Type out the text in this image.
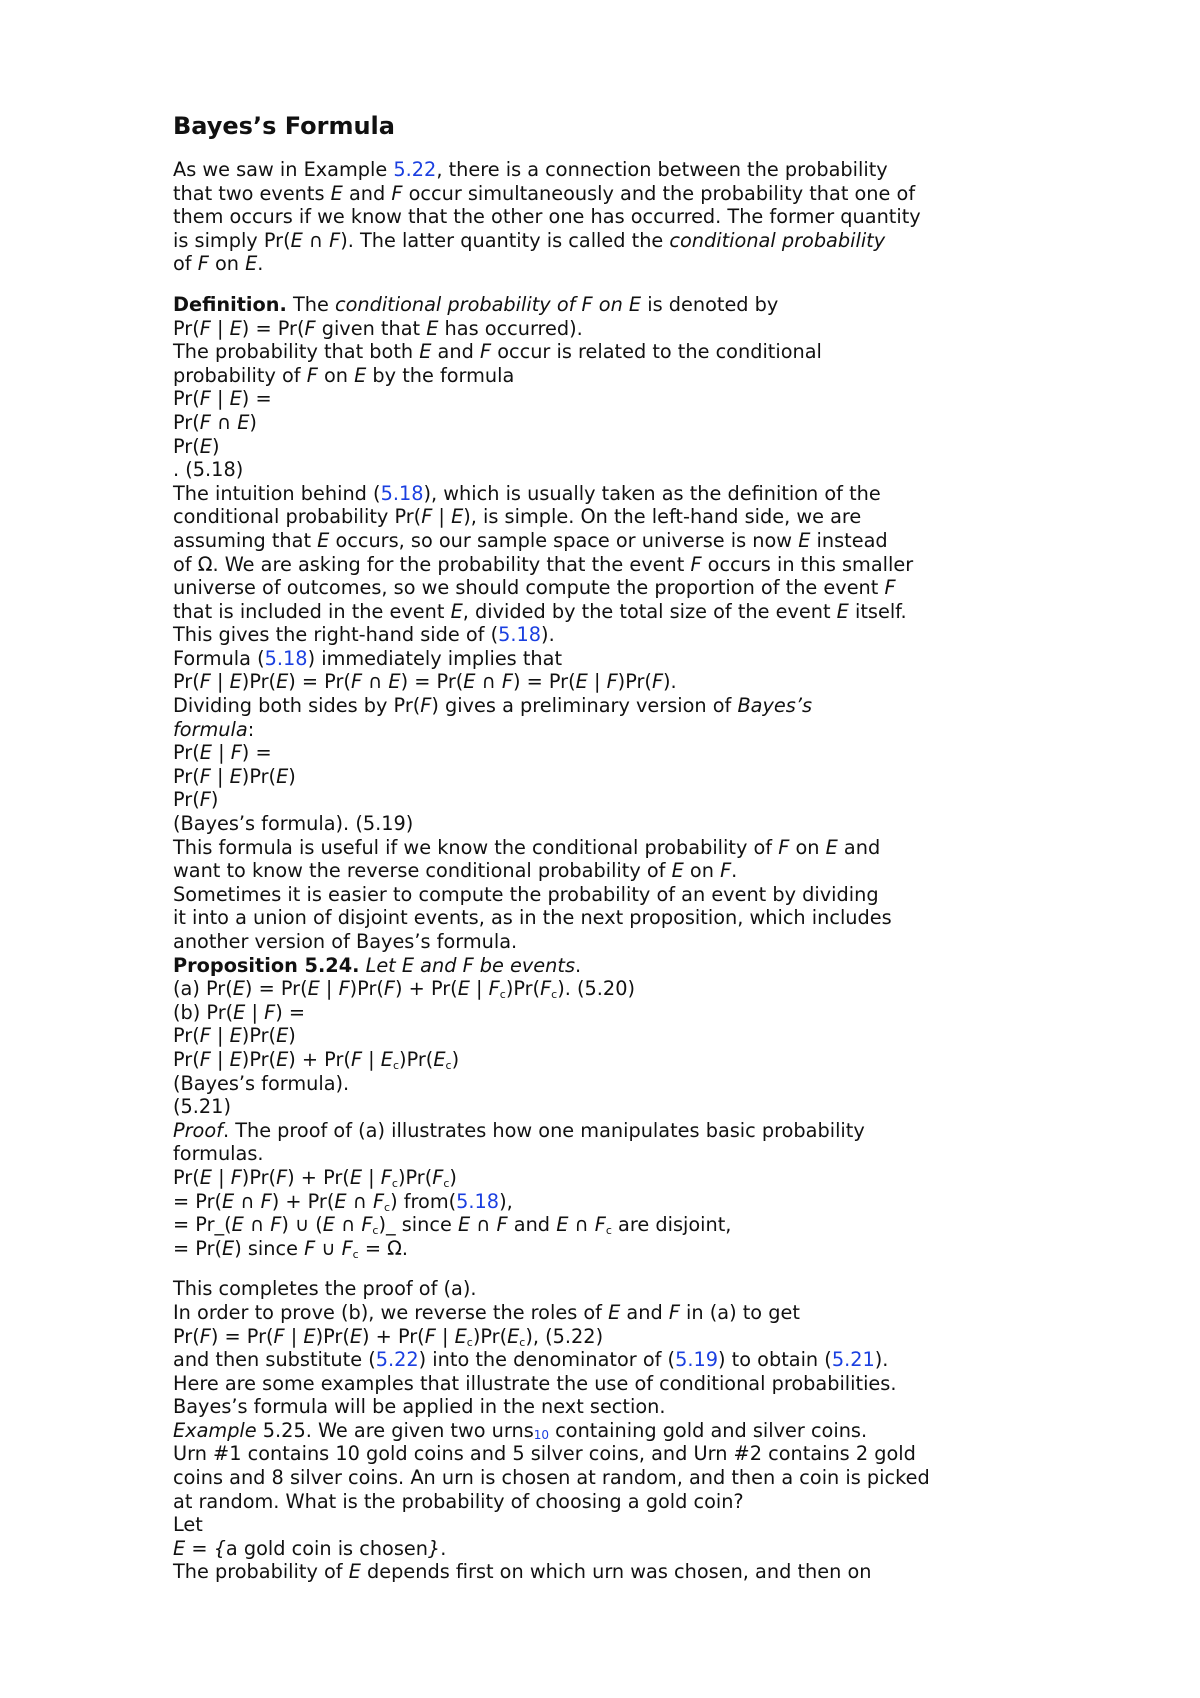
Bayes’s Formula
As we saw in Example 5.22, there is a connection between the probability
that two events E and F occur simultaneously and the probability that one of
them occurs if we know that the other one has occurred. The former quantity
is simply Pr(E ∩ F). The latter quantity is called the conditional probability
of F on E.
Definition. The conditional probability of F on E is denoted by
Pr(F | E) = Pr(F given that E has occurred).
The probability that both E and F occur is related to the conditional
probability of F on E by the formula
Pr(F | E) =
Pr(F ∩ E)
Pr(E)
. (5.18)
The intuition behind (5.18), which is usually taken as the definition of the
conditional probability Pr(F | E), is simple. On the left-hand side, we are
assuming that E occurs, so our sample space or universe is now E instead
of Ω. We are asking for the probability that the event F occurs in this smaller
universe of outcomes, so we should compute the proportion of the event F
that is included in the event E, divided by the total size of the event E itself.
This gives the right-hand side of (5.18).
Formula (5.18) immediately implies that
Pr(F | E)Pr(E) = Pr(F ∩ E) = Pr(E ∩ F) = Pr(E | F)Pr(F).
Dividing both sides by Pr(F) gives a preliminary version of Bayes’s
formula:
Pr(E | F) =
Pr(F | E)Pr(E)
Pr(F)
(Bayes’s formula). (5.19)
This formula is useful if we know the conditional probability of F on E and
want to know the reverse conditional probability of E on F.
Sometimes it is easier to compute the probability of an event by dividing
it into a union of disjoint events, as in the next proposition, which includes
another version of Bayes’s formula.
Proposition 5.24. Let E and F be events.
(a) Pr(E) = Pr(E | F)Pr(F) + Pr(E | $F_c)Pr(F_c)$. (5.20)
(b) Pr(E | F) =
Pr(F | E)Pr(E)
Pr(F | E)Pr(E) + Pr(F | $E_c)Pr(E_c)$
(Bayes’s formula).
(5.21)
Proof. The proof of (a) illustrates how one manipulates basic probability
formulas.
Pr(E | F)Pr(F) + Pr(E | $F_c)Pr(F_c)$
= Pr(E ∩ F) + Pr(E ∩ $F_c$) from(5.18),
= Pr_(E ∩ F) ∪ (E ∩ $F_c)\_$ since E ∩ F and E ∩ $F_c$ are disjoint,
= Pr(E) since F ∪ $F_c = \Omega$.
This completes the proof of (a).
In order to prove (b), we reverse the roles of E and F in (a) to get
Pr(F) = Pr(F | E)Pr(E) + Pr(F | $E_c)Pr(E_c)$, (5.22)
and then substitute (5.22) into the denominator of (5.19) to obtain (5.21).
Here are some examples that illustrate the use of conditional probabilities.
Bayes’s formula will be applied in the next section.
Example 5.25. We are given two urns10 containing gold and silver coins.
Urn #1 contains 10 gold coins and 5 silver coins, and Urn #2 contains 2 gold
coins and 8 silver coins. An urn is chosen at random, and then a coin is picked
at random. What is the probability of choosing a gold coin?
Let
E = {a gold coin is chosen}.
The probability of E depends first on which urn was chosen, and then on
